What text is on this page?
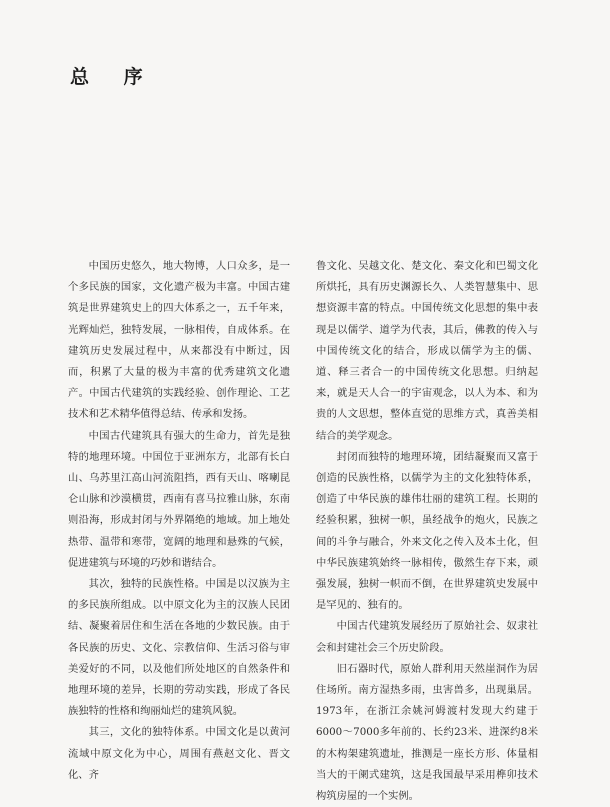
总 序

中国历史悠久，地大物博，人口众多，是一个多民族的国家，文化遗产极为丰富。中国古建筑是世界建筑史上的四大体系之一，五千年来，光辉灿烂，独特发展，一脉相传，自成体系。在建筑历史发展过程中，从来都没有中断过，因而，积累了大量的极为丰富的优秀建筑文化遗产。中国古代建筑的实践经验、创作理论、工艺技术和艺术精华值得总结、传承和发扬。

中国古代建筑具有强大的生命力，首先是独特的地理环境。中国位于亚洲东方，北部有长白山、乌苏里江高山河流阻挡，西有天山、喀喇昆仑山脉和沙漠横贯，西南有喜马拉雅山脉，东南则沿海，形成封闭与外界隔绝的地域。加上地处热带、温带和寒带，宽阔的地理和悬殊的气候，促进建筑与环境的巧妙和谐结合。

其次，独特的民族性格。中国是以汉族为主的多民族所组成。以中原文化为主的汉族人民团结、凝聚着居住和生活在各地的少数民族。由于各民族的历史、文化、宗教信仰、生活习俗与审美爱好的不同，以及他们所处地区的自然条件和地理环境的差异，长期的劳动实践，形成了各民族独特的性格和绚丽灿烂的建筑风貌。

其三，文化的独特体系。中国文化是以黄河流域中原文化为中心，周围有燕赵文化、晋文化、齐

鲁文化、吴越文化、楚文化、秦文化和巴蜀文化所烘托，具有历史渊源长久、人类智慧集中、思想资源丰富的特点。中国传统文化思想的集中表现是以儒学、道学为代表，其后，佛教的传入与中国传统文化的结合，形成以儒学为主的儒、道、释三者合一的中国传统文化思想。归纳起来，就是天人合一的宇宙观念，以人为本、和为贵的人文思想，整体直觉的思维方式，真善美相结合的美学观念。

封闭而独特的地理环境，团结凝聚而又富于创造的民族性格，以儒学为主的文化独特体系，创造了中华民族的雄伟壮丽的建筑工程。长期的经验积累，独树一帜，虽经战争的炮火，民族之间的斗争与融合，外来文化之传入及本土化，但中华民族建筑始终一脉相传，傲然生存下来，顽强发展，独树一帜而不倒，在世界建筑史发展中是罕见的、独有的。

中国古代建筑发展经历了原始社会、奴隶社会和封建社会三个历史阶段。

旧石器时代，原始人群利用天然崖洞作为居住场所。南方湿热多雨，虫害兽多，出现巢居。1973年，在浙江余姚河姆渡村发现大约建于6000～7000多年前的、长约23米、进深约8米的木构架建筑遗址，推测是一座长方形、体量相当大的干阑式建筑，这是我国最早采用榫卯技术构筑房屋的一个实例。
